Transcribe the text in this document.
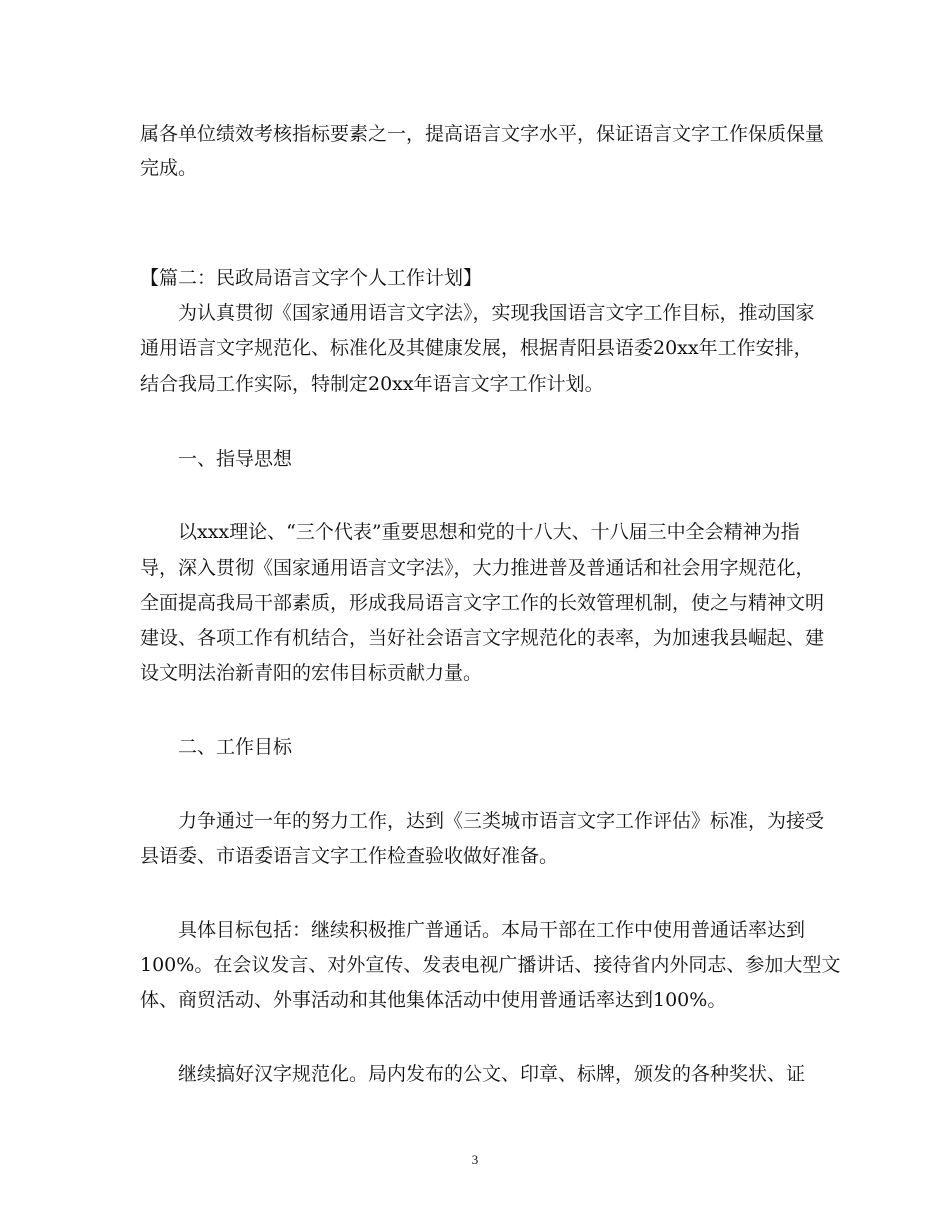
属各单位绩效考核指标要素之一，提高语言文字水平，保证语言文字工作保质保量
完成。
【篇二：民政局语言文字个人工作计划】
为认真贯彻《国家通用语言文字法》，实现我国语言文字工作目标，推动国家
通用语言文字规范化、标准化及其健康发展，根据青阳县语委20xx年工作安排，
结合我局工作实际，特制定20xx年语言文字工作计划。
一、指导思想
以xxx理论、“三个代表”重要思想和党的十八大、十八届三中全会精神为指
导，深入贯彻《国家通用语言文字法》，大力推进普及普通话和社会用字规范化，
全面提高我局干部素质，形成我局语言文字工作的长效管理机制，使之与精神文明
建设、各项工作有机结合，当好社会语言文字规范化的表率，为加速我县崛起、建
设文明法治新青阳的宏伟目标贡献力量。
二、工作目标
力争通过一年的努力工作，达到《三类城市语言文字工作评估》标准，为接受
县语委、市语委语言文字工作检查验收做好准备。
具体目标包括：继续积极推广普通话。本局干部在工作中使用普通话率达到
100%。在会议发言、对外宣传、发表电视广播讲话、接待省内外同志、参加大型文
体、商贸活动、外事活动和其他集体活动中使用普通话率达到100%。
继续搞好汉字规范化。局内发布的公文、印章、标牌，颁发的各种奖状、证
3
